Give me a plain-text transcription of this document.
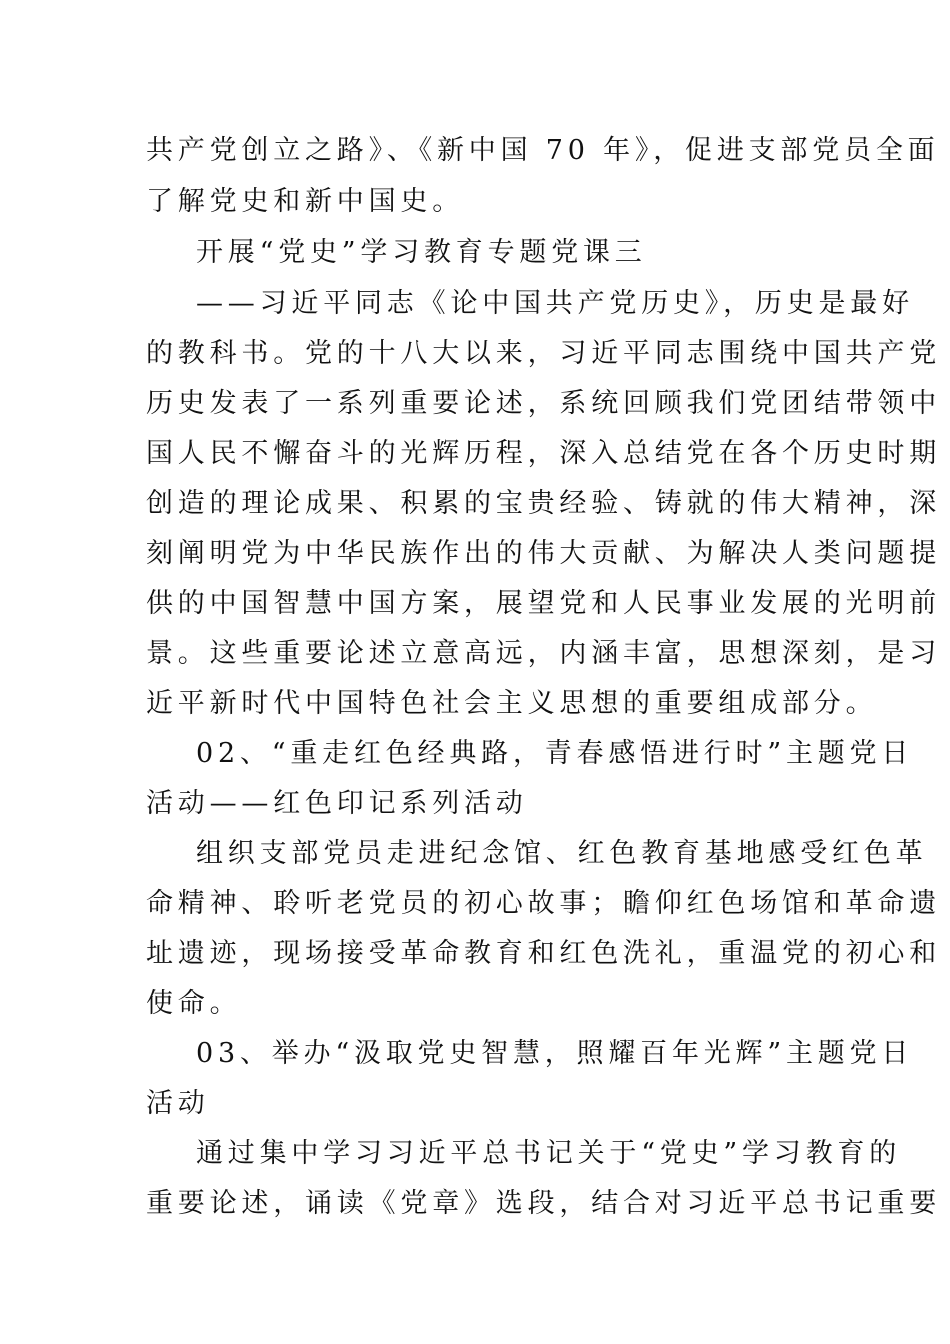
共产党创立之路》、《新中国 70 年》，促进支部党员全面
了解党史和新中国史。
开展“党史”学习教育专题党课三
——习近平同志《论中国共产党历史》，历史是最好
的教科书。党的十八大以来，习近平同志围绕中国共产党
历史发表了一系列重要论述，系统回顾我们党团结带领中
国人民不懈奋斗的光辉历程，深入总结党在各个历史时期
创造的理论成果、积累的宝贵经验、铸就的伟大精神，深
刻阐明党为中华民族作出的伟大贡献、为解决人类问题提
供的中国智慧中国方案，展望党和人民事业发展的光明前
景。这些重要论述立意高远，内涵丰富，思想深刻，是习
近平新时代中国特色社会主义思想的重要组成部分。
02、“重走红色经典路，青春感悟进行时”主题党日
活动——红色印记系列活动
组织支部党员走进纪念馆、红色教育基地感受红色革
命精神、聆听老党员的初心故事；瞻仰红色场馆和革命遗
址遗迹，现场接受革命教育和红色洗礼，重温党的初心和
使命。
03、举办“汲取党史智慧，照耀百年光辉”主题党日
活动
通过集中学习习近平总书记关于“党史”学习教育的
重要论述，诵读《党章》选段，结合对习近平总书记重要
